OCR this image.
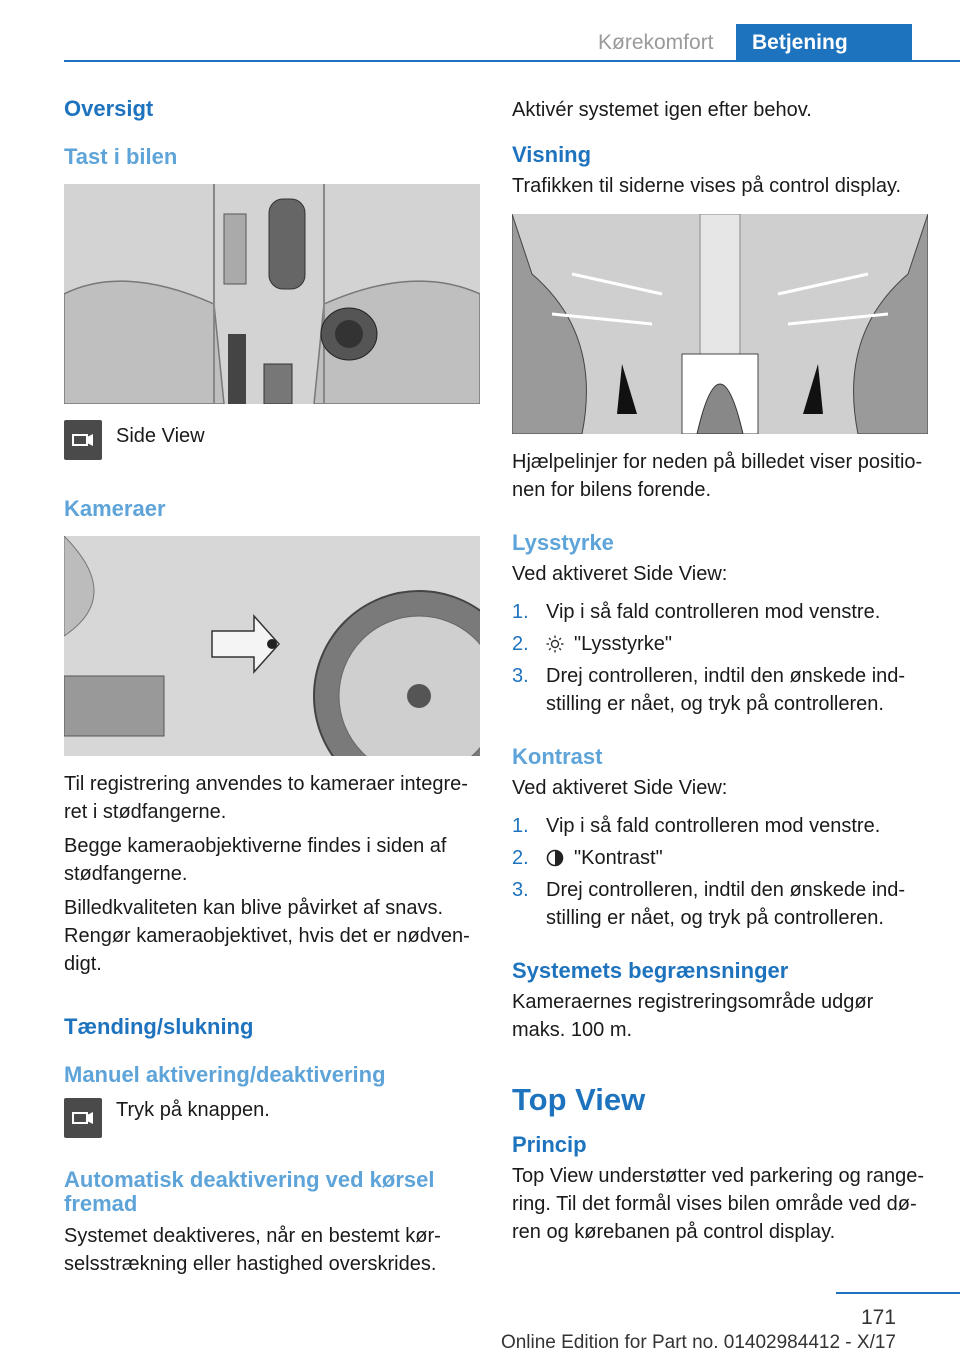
Kørekomfort	Betjening
Oversigt
Tast i bilen

Side View

Kameraer

Til registrering anvendes to kameraer integre-ret i stødfangerne.

Begge kameraobjektiverne findes i siden af stødfangerne.

Billedkvaliteten kan blive påvirket af snavs. Rengør kameraobjektivet, hvis det er nødven-digt.

Tænding/slukning
Manuel aktivering/deaktivering

Tryk på knappen.

Automatisk deaktivering ved kørsel fremad

Systemet deaktiveres, når en bestemt kør-selsstrækning eller hastighed overskrides.

Aktivér systemet igen efter behov.

Visning

Trafikken til siderne vises på control display.

Hjælpelinjer for neden på billedet viser positio-nen for bilens forende.

Lysstyrke

Ved aktiveret Side View:

1. Vip i så fald controlleren mod venstre.
2.	"Lysstyrke"
3. Drej controlleren, indtil den ønskede ind-stilling er nået, og tryk på controlleren.
Kontrast

Ved aktiveret Side View:

1. Vip i så fald controlleren mod venstre.
2.	"Kontrast"
3. Drej controlleren, indtil den ønskede ind-stilling er nået, og tryk på controlleren.
Systemets begrænsninger

Kameraernes registreringsområde udgør maks. 100 m.

Top View
Princip

Top View understøtter ved parkering og range-ring. Til det formål vises bilen område ved dø-ren og kørebanen på control display.

171
Online Edition for Part no. 01402984412 - X/17
